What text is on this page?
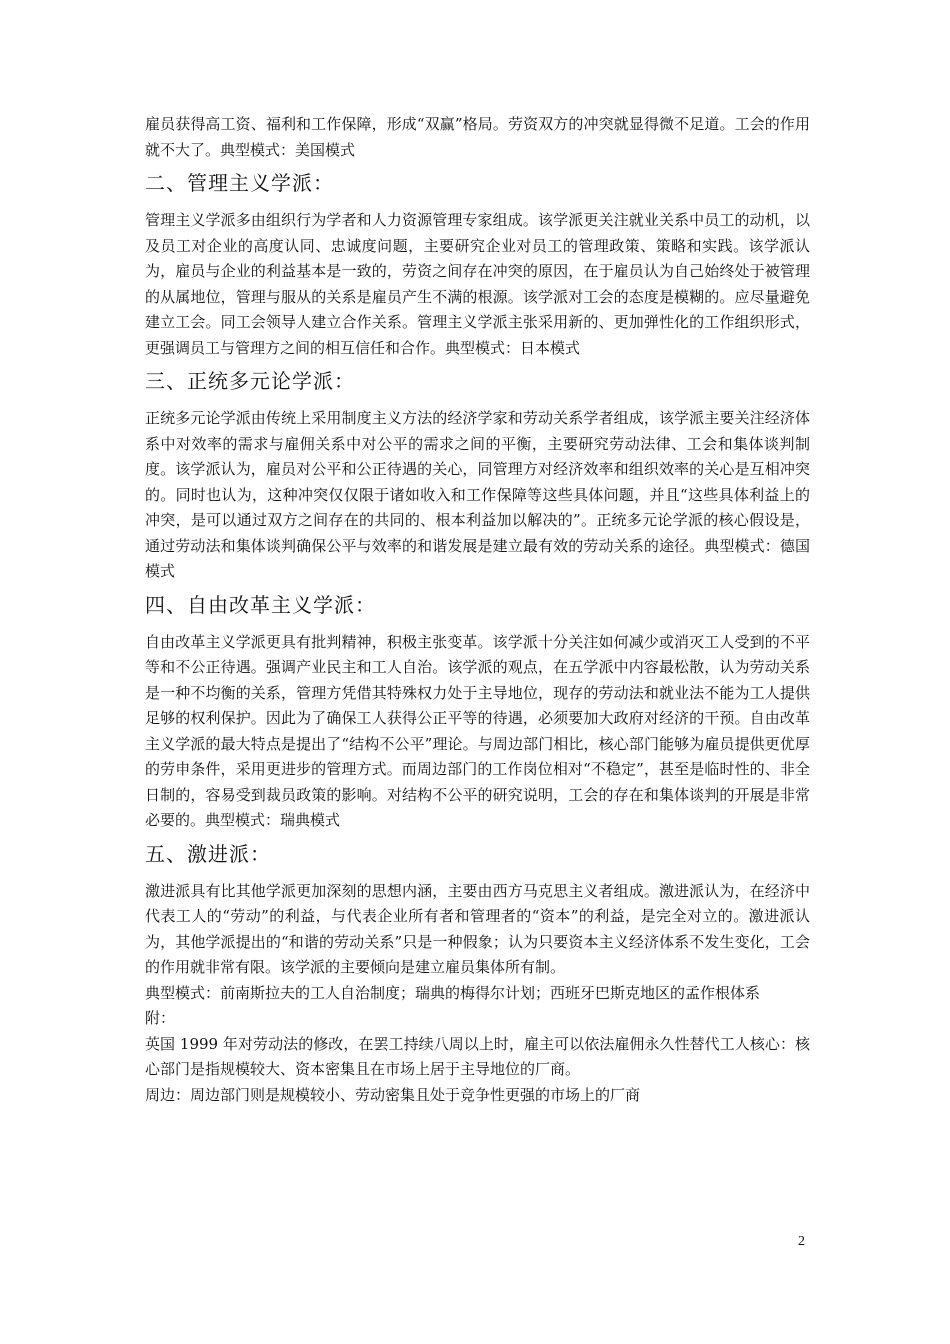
雇员获得高工资、福利和工作保障，形成“双赢”格局。劳资双方的冲突就显得微不足道。工会的作用就不大了。典型模式：美国模式

二、管理主义学派：

管理主义学派多由组织行为学者和人力资源管理专家组成。该学派更关注就业关系中员工的动机，以及员工对企业的高度认同、忠诚度问题，主要研究企业对员工的管理政策、策略和实践。该学派认为，雇员与企业的利益基本是一致的，劳资之间存在冲突的原因，在于雇员认为自己始终处于被管理的从属地位，管理与服从的关系是雇员产生不满的根源。该学派对工会的态度是模糊的。应尽量避免建立工会。同工会领导人建立合作关系。管理主义学派主张采用新的、更加弹性化的工作组织形式，更强调员工与管理方之间的相互信任和合作。典型模式：日本模式

三、正统多元论学派：

正统多元论学派由传统上采用制度主义方法的经济学家和劳动关系学者组成，该学派主要关注经济体系中对效率的需求与雇佣关系中对公平的需求之间的平衡，主要研究劳动法律、工会和集体谈判制度。该学派认为，雇员对公平和公正待遇的关心，同管理方对经济效率和组织效率的关心是互相冲突的。同时也认为，这种冲突仅仅限于诸如收入和工作保障等这些具体问题，并且“这些具体利益上的冲突，是可以通过双方之间存在的共同的、根本利益加以解决的”。正统多元论学派的核心假设是，通过劳动法和集体谈判确保公平与效率的和谐发展是建立最有效的劳动关系的途径。典型模式：德国模式

四、自由改革主义学派：

自由改革主义学派更具有批判精神，积极主张变革。该学派十分关注如何减少或消灭工人受到的不平等和不公正待遇。强调产业民主和工人自治。该学派的观点，在五学派中内容最松散，认为劳动关系是一种不均衡的关系，管理方凭借其特殊权力处于主导地位，现存的劳动法和就业法不能为工人提供足够的权利保护。因此为了确保工人获得公正平等的待遇，必须要加大政府对经济的干预。自由改革主义学派的最大特点是提出了“结构不公平”理论。与周边部门相比，核心部门能够为雇员提供更优厚的劳申条件，采用更进步的管理方式。而周边部门的工作岗位相对“不稳定”，甚至是临时性的、非全日制的，容易受到裁员政策的影响。对结构不公平的研究说明，工会的存在和集体谈判的开展是非常必要的。典型模式：瑞典模式

五、激进派：

激进派具有比其他学派更加深刻的思想内涵，主要由西方马克思主义者组成。激进派认为，在经济中代表工人的“劳动”的利益，与代表企业所有者和管理者的“资本”的利益，是完全对立的。激进派认为，其他学派提出的“和谐的劳动关系”只是一种假象；认为只要资本主义经济体系不发生变化，工会的作用就非常有限。该学派的主要倾向是建立雇员集体所有制。

典型模式：前南斯拉夫的工人自治制度；瑞典的梅得尔计划；西班牙巴斯克地区的孟作根体系

附：

英国 1999 年对劳动法的修改，在罢工持续八周以上时，雇主可以依法雇佣永久性替代工人核心：核心部门是指规模较大、资本密集且在市场上居于主导地位的厂商。

周边：周边部门则是规模较小、劳动密集且处于竞争性更强的市场上的厂商

2
